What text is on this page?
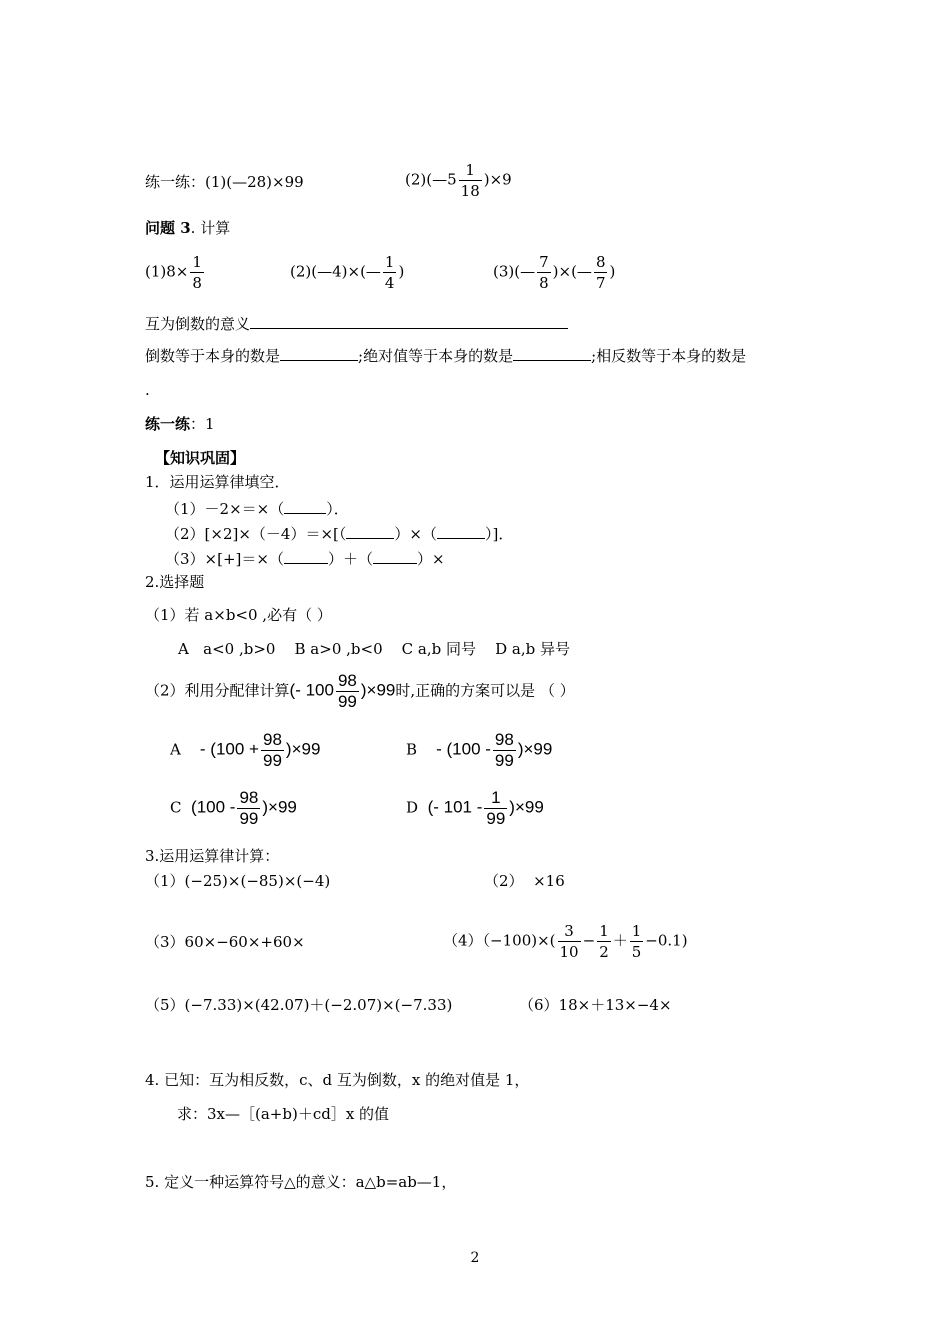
练一练：(1)(—28)×99	(2)(—5 $\frac{1}{18} )\times 9$
问题 3. 计算
$(1)8\times \frac{1}{8}$	(2)(—4)×(— $\frac{1}{4}$ )	(3)(— $\frac{7}{8}$ )×(— $\frac{8}{7}$ )
互为倒数的意义
倒数等于本身的数是	;绝对值等于本身的数是	;相反数等于本身的数是
.
练一练：1
【知识巩固】
1．运用运算律填空．
（1）－2×＝×（	）．
（2）[×2]×（－4）＝×[（	）×（	）]．
（3）×[+]＝×（	）＋（	）×
2.选择题
（1）若 a×b<0 ,必有（ ）
A   a<0 ,b>0    B a>0 ,b<0    C a,b 同号    D a,b 异号
（2）利用分配律计算(- $100 \frac{98}{99} )\times 99$时,正确的方案可以是 （ ）
$A - (100 + \frac{98}{99} )\times 99$	$B - (100 - \frac{98}{99} )\times 99$
C $(100 - \frac{98}{99} )\times 99$	D (- $101 - \frac{1}{99} )\times 99$
3.运用运算律计算：
（1）(−25)×(−85)×(−4)	（2）  ×16
（3）60×−60×+60×	$(4)(-100)\times( \frac{3}{10} - \frac{1}{2} + \frac{1}{5} -0.1)$
（5）(−7.33)×(42.07)＋(−2.07)×(−7.33)	（6）18×＋13×−4×
4. 已知：互为相反数，c、d 互为倒数，x 的绝对值是 1，
求：3x—［(a+b)＋cd］x 的值
5. 定义一种运算符号△的意义：a△b=ab—1，
2
